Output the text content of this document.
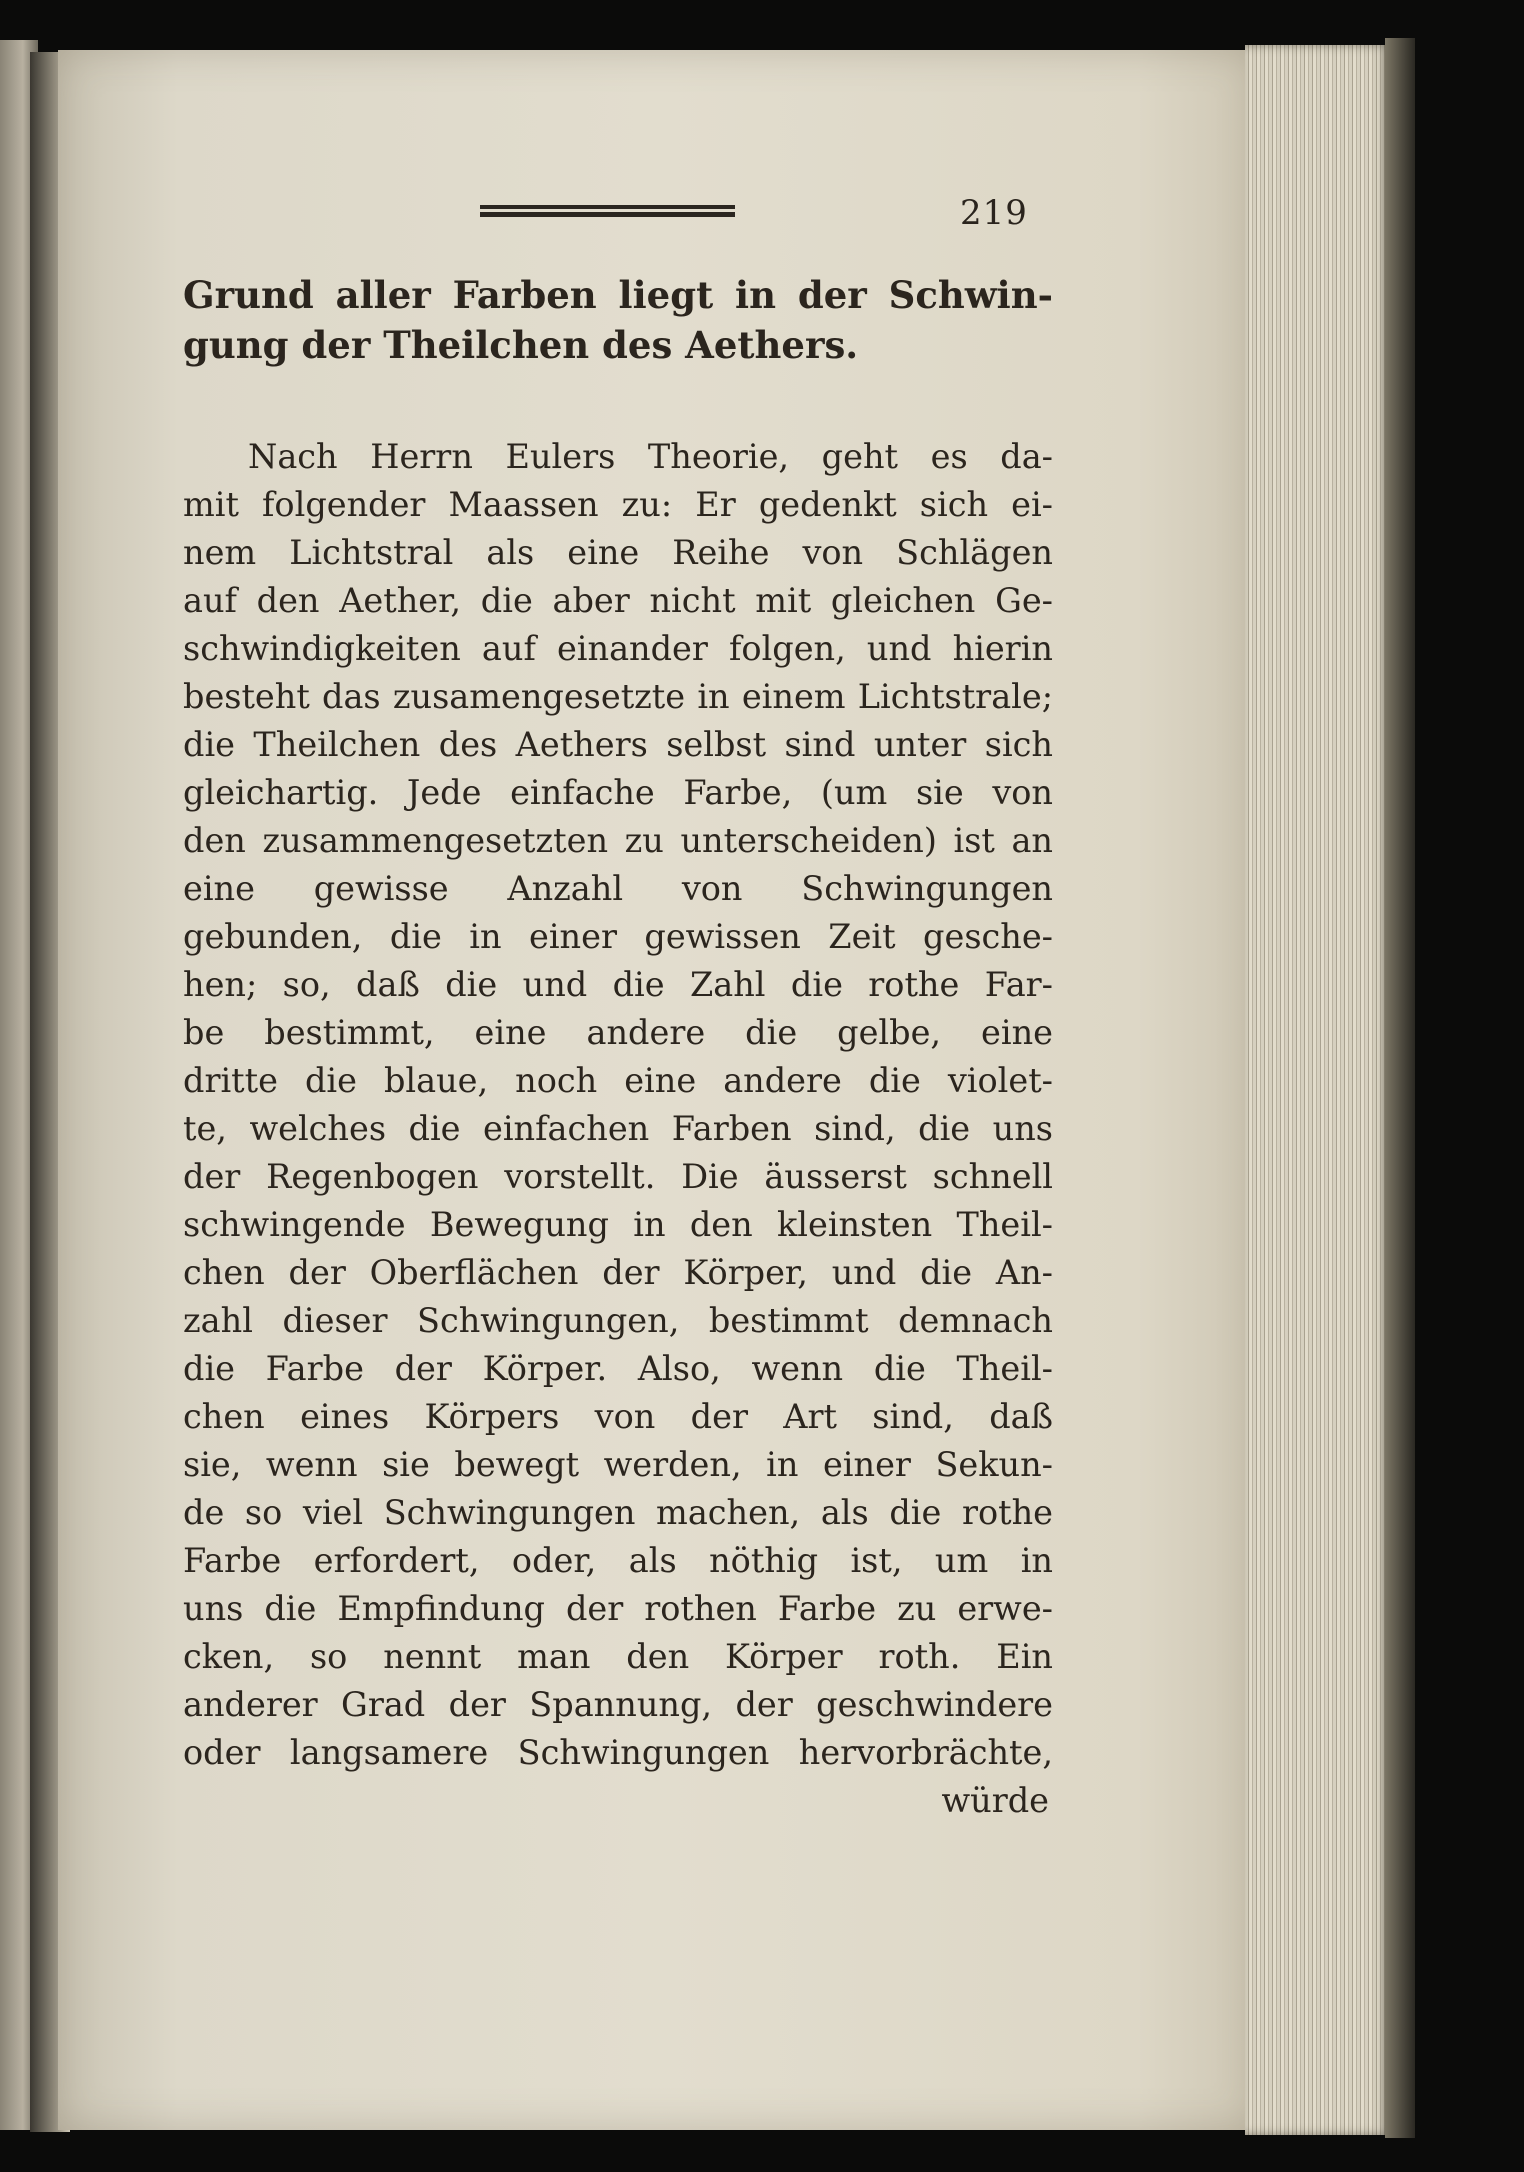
219
Grund aller Farben liegt in der Schwin-
gung der Theilchen des Aethers.
Nach Herrn Eulers Theorie, geht es da-
mit folgender Maassen zu: Er gedenkt sich ei-
nem Lichtstral als eine Reihe von Schlägen
auf den Aether, die aber nicht mit gleichen Ge-
schwindigkeiten auf einander folgen, und hierin
besteht das zusamengesetzte in einem Lichtstrale;
die Theilchen des Aethers selbst sind unter sich
gleichartig. Jede einfache Farbe, (um sie von
den zusammengesetzten zu unterscheiden) ist an
eine gewisse Anzahl von Schwingungen
gebunden, die in einer gewissen Zeit gesche-
hen; so, daß die und die Zahl die rothe Far-
be bestimmt, eine andere die gelbe, eine
dritte die blaue, noch eine andere die violet-
te, welches die einfachen Farben sind, die uns
der Regenbogen vorstellt. Die äusserst schnell
schwingende Bewegung in den kleinsten Theil-
chen der Oberflächen der Körper, und die An-
zahl dieser Schwingungen, bestimmt demnach
die Farbe der Körper. Also, wenn die Theil-
chen eines Körpers von der Art sind, daß
sie, wenn sie bewegt werden, in einer Sekun-
de so viel Schwingungen machen, als die rothe
Farbe erfordert, oder, als nöthig ist, um in
uns die Empfindung der rothen Farbe zu erwe-
cken, so nennt man den Körper roth. Ein
anderer Grad der Spannung, der geschwindere
oder langsamere Schwingungen hervorbrächte,
würde
